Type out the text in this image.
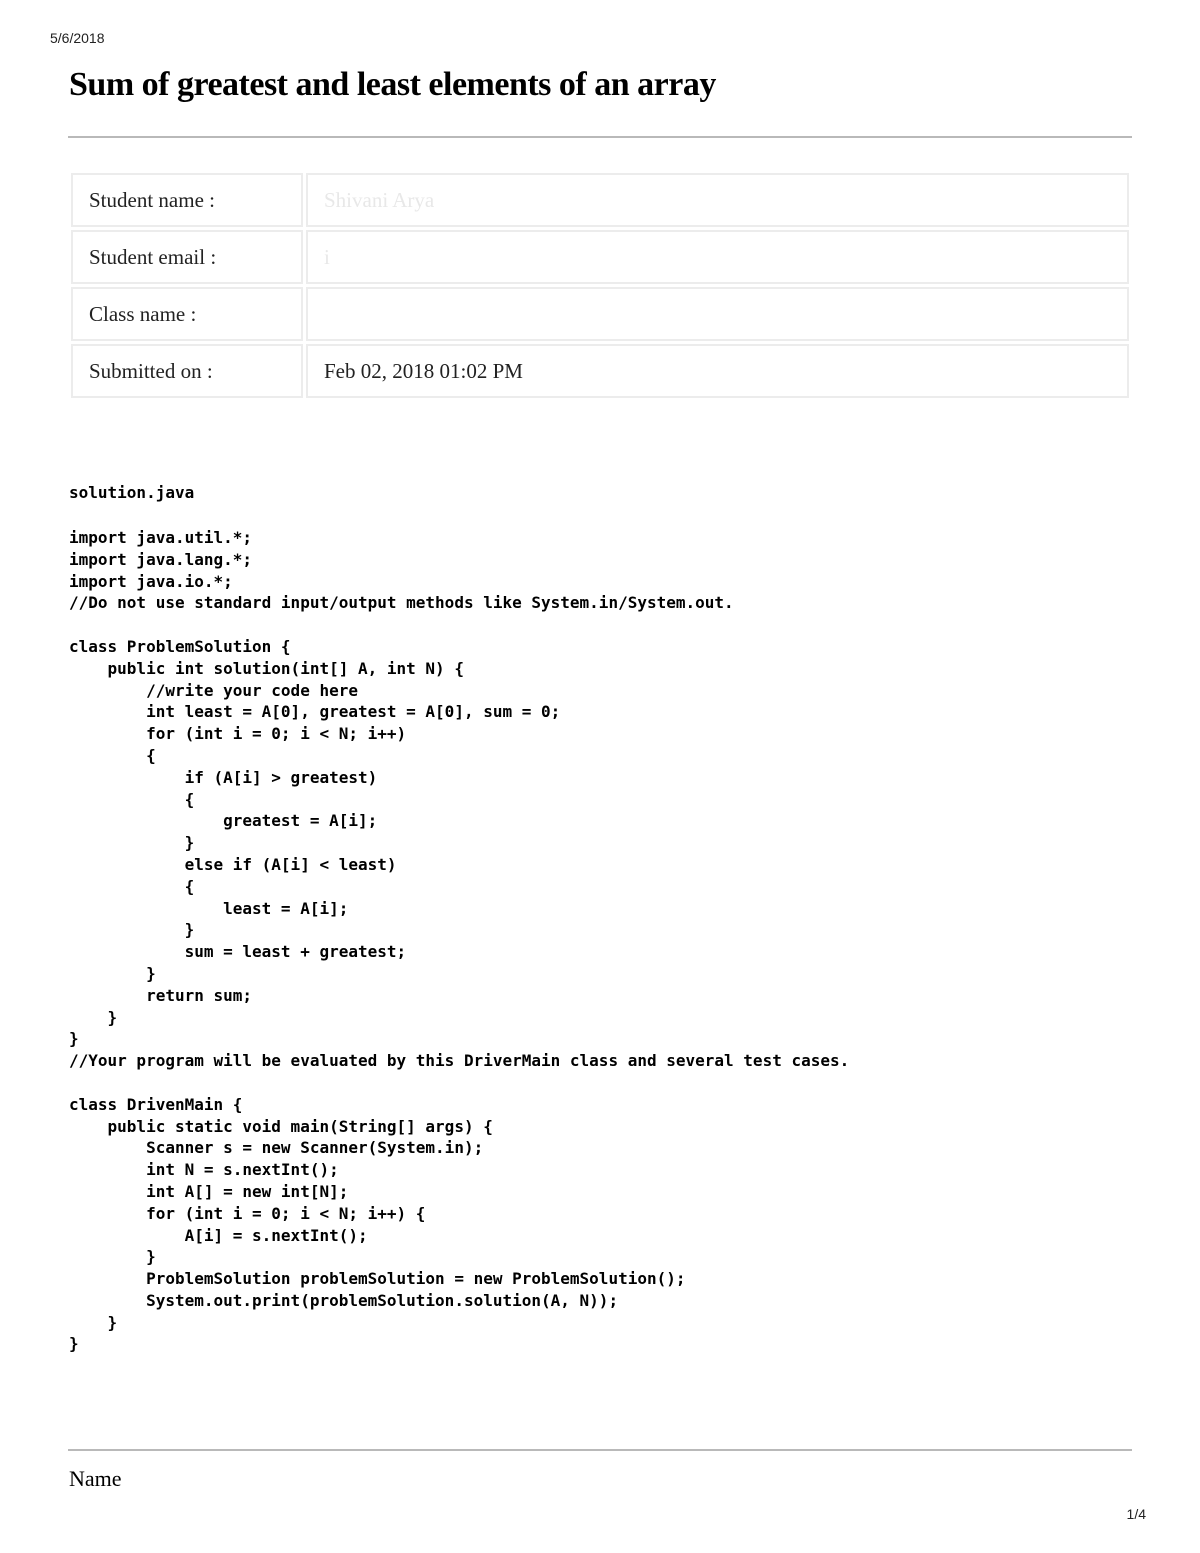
5/6/2018
Sum of greatest and least elements of an array
Student name :	Shivani Arya
Student email :	i
Class name :	
Submitted on :	Feb 02, 2018 01:02 PM
solution.java
import java.util.*;
import java.lang.*;
import java.io.*;
//Do not use standard input/output methods like System.in/System.out.

class ProblemSolution {
public int solution(int[] A, int N) {
//write your code here
int least = A[0], greatest = A[0], sum = 0;
for (int i = 0; i < N; i++)
{
if (A[i] > greatest)
{
greatest = A[i];
}
else if (A[i] < least)
{
least = A[i];
}
sum = least + greatest;
}
return sum;
}
}
//Your program will be evaluated by this DriverMain class and several test cases.

class DrivenMain {
public static void main(String[] args) {
Scanner s = new Scanner(System.in);
int N = s.nextInt();
int A[] = new int[N];
for (int i = 0; i < N; i++) {
A[i] = s.nextInt();
}
ProblemSolution problemSolution = new ProblemSolution();
System.out.print(problemSolution.solution(A, N));
}
}
Name
1/4
